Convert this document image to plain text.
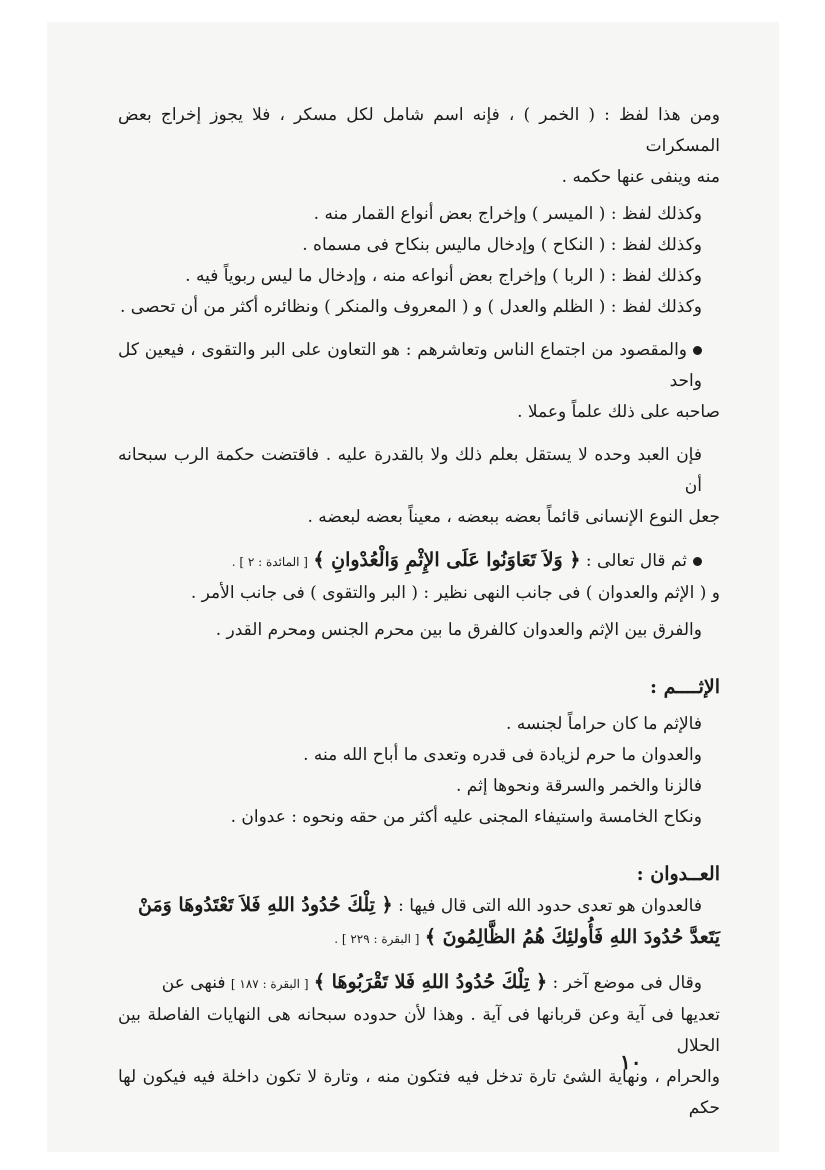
ومن هذا لفظ : ( الخمر ) ، فإنه اسم شامل لكل مسكر ، فلا يجوز إخراج بعض المسكرات

منه وينفى عنها حكمه .

وكذلك لفظ : ( الميسر ) وإخراج بعض أنواع القمار منه .

وكذلك لفظ : ( النكاح ) وإدخال ماليس بنكاح فى مسماه .

وكذلك لفظ : ( الربا ) وإخراج بعض أنواعه منه ، وإدخال ما ليس ربوياً فيه .

وكذلك لفظ : ( الظلم والعدل ) و ( المعروف والمنكر ) ونظائره أكثر من أن تحصى .

والمقصود من اجتماع الناس وتعاشرهم : هو التعاون على البر والتقوى ، فيعين كل واحد

صاحبه على ذلك علماً وعملا .

فإن العبد وحده لا يستقل بعلم ذلك ولا بالقدرة عليه . فاقتضت حكمة الرب سبحانه أن

جعل النوع الإنسانى قائماً بعضه ببعضه ، معيناً بعضه لبعضه .

ثم قال تعالى : ﴿ وَلاَ تَعَاوَنُوا عَلَى الإِثْمِ وَالْعُدْوانِ ﴾ [ المائدة : ٢ ] .

و ( الإثم والعدوان ) فى جانب النهى نظير : ( البر والتقوى ) فى جانب الأمر .

والفرق بين الإثم والعدوان كالفرق ما بين محرم الجنس ومحرم القدر .

الإثــــم :

فالإثم ما كان حراماً لجنسه .

والعدوان ما حرم لزيادة فى قدره وتعدى ما أباح الله منه .

فالزنا والخمر والسرقة ونحوها إثم .

ونكاح الخامسة واستيفاء المجنى عليه أكثر من حقه ونحوه : عدوان .

العــدوان :

فالعدوان هو تعدى حدود الله التى قال فيها : ﴿ تِلْكَ حُدُودُ اللهِ فَلاَ تَعْتَدُوهَا وَمَنْ

يَتَعدَّ حُدُودَ اللهِ فَأُولئِكَ هُمُ الظَّالِمُونَ ﴾ [ البقرة : ٢٢٩ ] .

وقال فى موضع آخر : ﴿ تِلْكَ حُدُودُ اللهِ فَلا تَقْرَبُوهَا ﴾ [ البقرة : ١٨٧ ] فنهى عن

تعديها فى آية وعن قربانها فى آية . وهذا لأن حدوده سبحانه هى النهايات الفاصلة بين الحلال

والحرام ، ونهاية الشئ تارة تدخل فيه فتكون منه ، وتارة لا تكون داخلة فيه فيكون لها حكم

١٠
